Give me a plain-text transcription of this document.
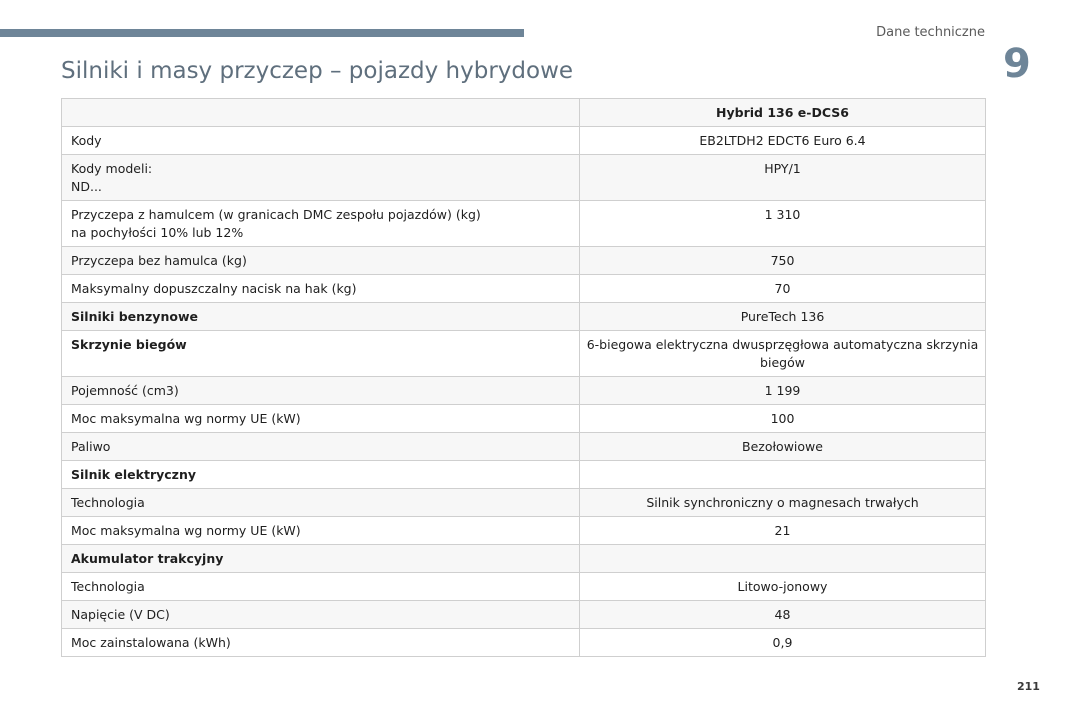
Dane techniczne
9
Silniki i masy przyczep – pojazdy hybrydowe

	Hybrid 136 e-DCS6

Kody	EB2LTDH2 EDCT6 Euro 6.4

Kody modeli:
ND...	HPY/1

Przyczepa z hamulcem (w granicach DMC zespołu pojazdów) (kg)
na pochyłości 10% lub 12%	1 310

Przyczepa bez hamulca (kg)	750

Maksymalny dopuszczalny nacisk na hak (kg)	70

Silniki benzynowe	PureTech 136

Skrzynie biegów	6-biegowa elektryczna dwusprzęgłowa automatyczna skrzynia biegów

Pojemność (cm3)	1 199

Moc maksymalna wg normy UE (kW)	100

Paliwo	Bezołowiowe

Silnik elektryczny	

Technologia	Silnik synchroniczny o magnesach trwałych

Moc maksymalna wg normy UE (kW)	21

Akumulator trakcyjny	

Technologia	Litowo-jonowy

Napięcie (V DC)	48

Moc zainstalowana (kWh)	0,9
211
